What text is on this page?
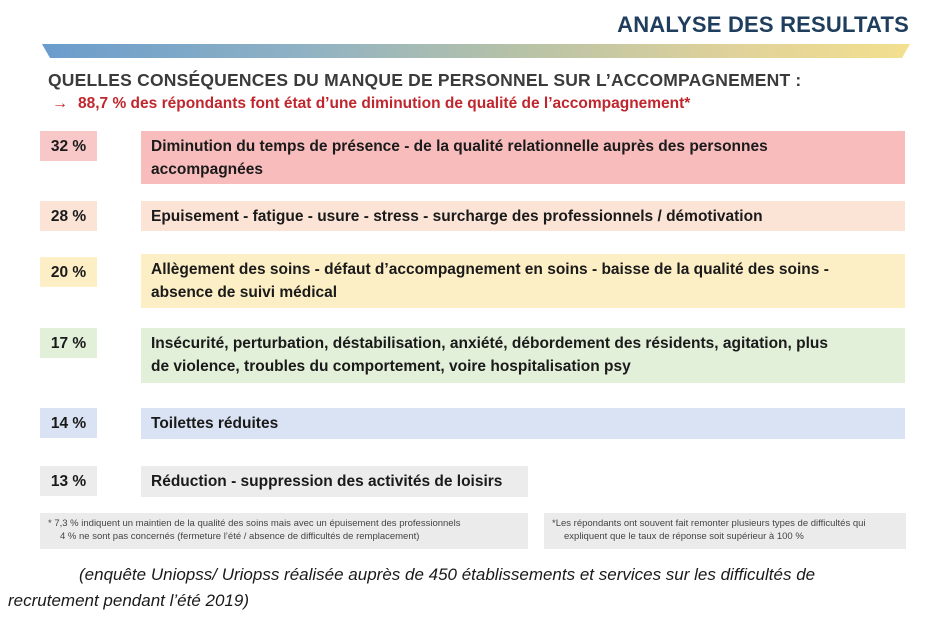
ANALYSE DES RESULTATS
QUELLES CONSÉQUENCES DU MANQUE DE PERSONNEL SUR L’ACCOMPAGNEMENT :
→ 88,7 % des répondants font état d’une diminution de qualité de l’accompagnement*
32 %	Diminution du temps de présence - de la qualité relationnelle auprès des personnes
accompagnées
28 %	Epuisement - fatigue - usure - stress - surcharge des professionnels / démotivation
20 %	Allègement des soins - défaut d’accompagnement en soins - baisse de la qualité des soins -
absence de suivi médical
17 %	Insécurité, perturbation, déstabilisation, anxiété, débordement des résidents, agitation, plus
de violence, troubles du comportement, voire hospitalisation psy
14 %	Toilettes réduites
13 %	Réduction - suppression des activités de loisirs
* 7,3 % indiquent un maintien de la qualité des soins mais avec un épuisement des professionnels
4 % ne sont pas concernés (fermeture l’été / absence de difficultés de remplacement)
*Les répondants ont souvent fait remonter plusieurs types de difficultés qui
expliquent que le taux de réponse soit supérieur à 100 %
(enquête Uniopss/ Uriopss réalisée auprès de 450 établissements et services sur les difficultés de
recrutement pendant l’été 2019)
